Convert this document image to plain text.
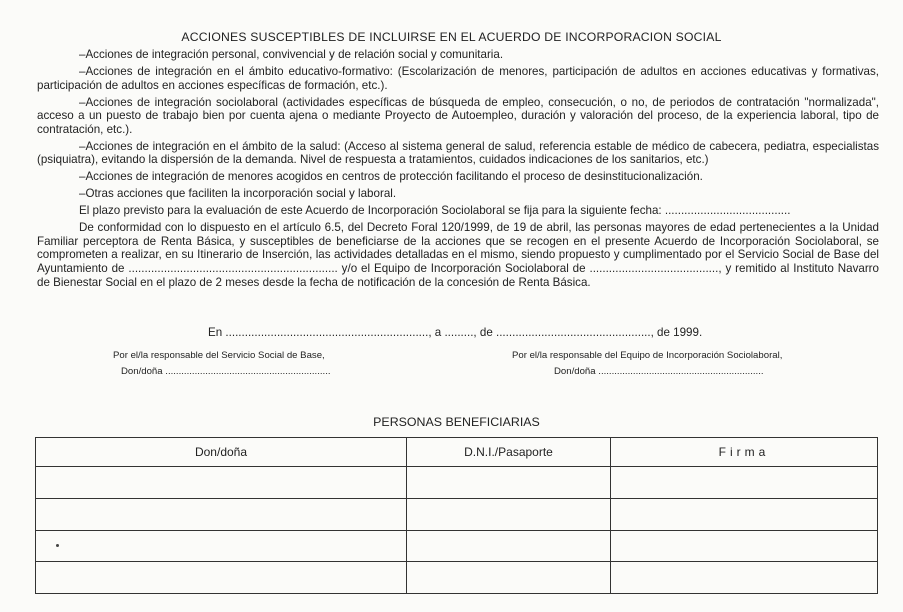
ACCIONES SUSCEPTIBLES DE INCLUIRSE EN EL ACUERDO DE INCORPORACION SOCIAL

–Acciones de integración personal, convivencial y de relación social y comunitaria.

–Acciones de integración en el ámbito educativo-formativo: (Escolarización de menores, participación de adultos en acciones educativas y formativas, participación de adultos en acciones específicas de formación, etc.).

–Acciones de integración sociolaboral (actividades específicas de búsqueda de empleo, consecución, o no, de periodos de contratación "normalizada", acceso a un puesto de trabajo bien por cuenta ajena o mediante Proyecto de Autoempleo, duración y valoración del proceso, de la experiencia laboral, tipo de contratación, etc.).

–Acciones de integración en el ámbito de la salud: (Acceso al sistema general de salud, referencia estable de médico de cabecera, pediatra, especialistas (psiquiatra), evitando la dispersión de la demanda. Nivel de respuesta a tratamientos, cuidados indicaciones de los sanitarios, etc.)

–Acciones de integración de menores acogidos en centros de protección facilitando el proceso de desinstitucionalización.

–Otras acciones que faciliten la incorporación social y laboral.

El plazo previsto para la evaluación de este Acuerdo de Incorporación Sociolaboral se fija para la siguiente fecha: .......................................

De conformidad con lo dispuesto en el artículo 6.5, del Decreto Foral 120/1999, de 19 de abril, las personas mayores de edad pertenecientes a la Unidad Familiar perceptora de Renta Básica, y susceptibles de beneficiarse de la acciones que se recogen en el presente Acuerdo de Incorporación Sociolaboral, se comprometen a realizar, en su Itinerario de Inserción, las actividades detalladas en el mismo, siendo propuesto y cumplimentado por el Servicio Social de Base del Ayuntamiento de ................................................................. y/o el Equipo de Incorporación Sociolaboral de ........................................, y remitido al Instituto Navarro de Bienestar Social en el plazo de 2 meses desde la fecha de notificación de la concesión de Renta Básica.

En ..............................................................., a ........., de ................................................, de 1999.
Por el/la responsable del Servicio Social de Base,
Don/doña ..............................................................
Por el/la responsable del Equipo de Incorporación Sociolaboral,
Don/doña ..............................................................
PERSONAS BENEFICIARIAS
Don/doña	D.N.I./Pasaporte	Firma
